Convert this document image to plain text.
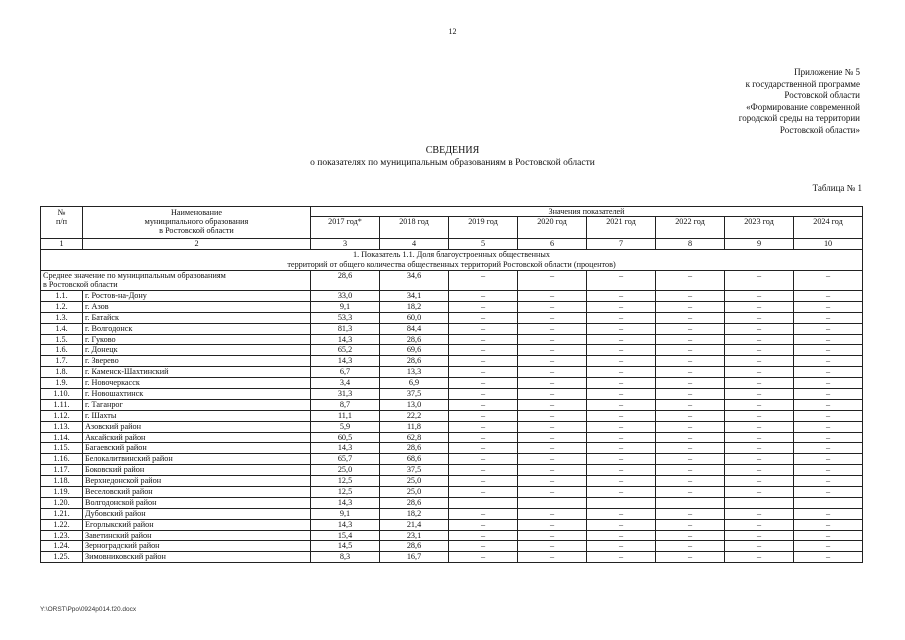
12
Приложение № 5
к государственной программе
Ростовской области
«Формирование современной
городской среды на территории
Ростовской области»
СВЕДЕНИЯ
о показателях по муниципальным образованиям в Ростовской области
Таблица № 1
№
п/п	Наименование
муниципального образования
в Ростовской области	Значения показателей							
		2017 год*	2018 год	2019 год	2020 год	2021 год	2022 год	2023 год	2024 год
1	2	3	4	5	6	7	8	9	10
1. Показатель 1.1. Доля благоустроенных общественных
территорий от общего количества общественных территорий Ростовской области (процентов)									
Среднее значение по муниципальным образованиям
в Ростовской области		28,6	34,6	–	–	–	–	–	–
1.1.	г. Ростов-на-Дону	33,0	34,1	–	–	–	–	–	–
1.2.	г. Азов	9,1	18,2	–	–	–	–	–	–
1.3.	г. Батайск	53,3	60,0	–	–	–	–	–	–
1.4.	г. Волгодонск	81,3	84,4	–	–	–	–	–	–
1.5.	г. Гуково	14,3	28,6	–	–	–	–	–	–
1.6.	г. Донецк	65,2	69,6	–	–	–	–	–	–
1.7.	г. Зверево	14,3	28,6	–	–	–	–	–	–
1.8.	г. Каменск-Шахтинский	6,7	13,3	–	–	–	–	–	–
1.9.	г. Новочеркасск	3,4	6,9	–	–	–	–	–	–
1.10.	г. Новошахтинск	31,3	37,5	–	–	–	–	–	–
1.11.	г. Таганрог	8,7	13,0	–	–	–	–	–	–
1.12.	г. Шахты	11,1	22,2	–	–	–	–	–	–
1.13.	Азовский район	5,9	11,8	–	–	–	–	–	–
1.14.	Аксайский район	60,5	62,8	–	–	–	–	–	–
1.15.	Багаевский район	14,3	28,6	–	–	–	–	–	–
1.16.	Белокалитвинский район	65,7	68,6	–	–	–	–	–	–
1.17.	Боковский район	25,0	37,5	–	–	–	–	–	–
1.18.	Верхнедонской район	12,5	25,0	–	–	–	–	–	–
1.19.	Веселовский район	12,5	25,0	–	–	–	–	–	–
1.20.	Волгодонской район	14,3	28,6						
1.21.	Дубовский район	9,1	18,2	–	–	–	–	–	–
1.22.	Егорлыкский район	14,3	21,4	–	–	–	–	–	–
1.23.	Заветинский район	15,4	23,1	–	–	–	–	–	–
1.24.	Зерноградский район	14,5	28,6	–	–	–	–	–	–
1.25.	Зимовниковский район	8,3	16,7	–	–	–	–	–	–
Y:\ORST\Ppo\0924p014.f20.docx
